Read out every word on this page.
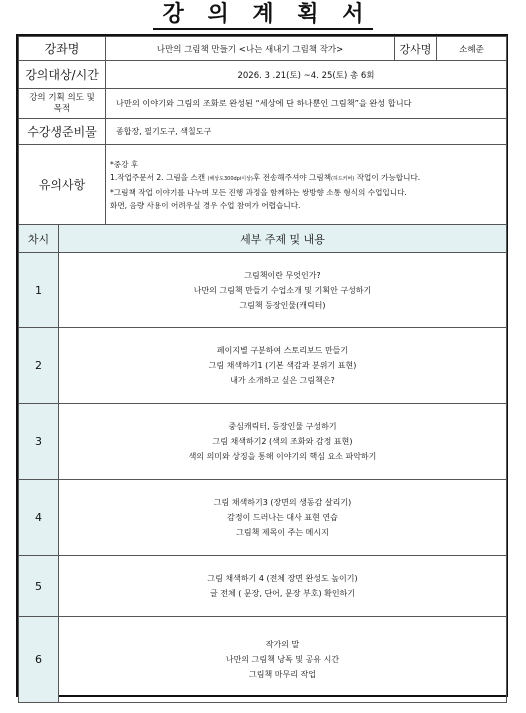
강 의 계 획 서
강좌명	나만의 그림책 만들기 <나는 새내기 그림책 작가>	강사명	소혜준
강의대상/시간	2026. 3 .21(토) ~4. 25(토) 총 6회		
강의 기획 의도 및 목적	나만의 이야기와 그림의 조화로 완성된 “세상에 단 하나뿐인 그림책”을 완성 합니다		
수강생준비물	종합장, 필기도구, 색칠도구		
유의사항	*중강 후
1.작업주문서 2. 그림을 스캔 (해상도300dpi이상)후 전송해주셔야 그림책(하드커버) 작업이 가능합니다.
*그림책 작업 이야기를 나누며 모든 진행 과정을 함께하는 쌍방향 소통 형식의 수업입니다.
화면, 음량 사용이 어려우실 경우 수업 참여가 어렵습니다.		
차시	세부 주제 및 내용
1	그림책이란 무엇인가?
나만의 그림책 만들기 수업소개 및 기획안 구성하기
그림책 등장인물(캐릭터)

2	페이지별 구분하여 스토리보드 만들기
그림 채색하기1 (기본 색감과 분위기 표현)
내가 소개하고 싶은 그림책은?

3	중심캐릭터, 등장인물 구성하기
그림 채색하기2 (색의 조화와 감정 표현)
색의 의미와 상징을 통해 이야기의 핵심 요소 파악하기

4	그림 채색하기3 (장면의 생동감 살리기)
감정이 드러나는 대사 표현 연습
그림책 제목이 주는 메시지

5	그림 채색하기 4 (전체 장면 완성도 높이기)
글 전체 ( 문장, 단어, 문장 부호) 확인하기

6	작가의 말
나만의 그림책 낭독 및 공유 시간
그림책 마무리 작업
